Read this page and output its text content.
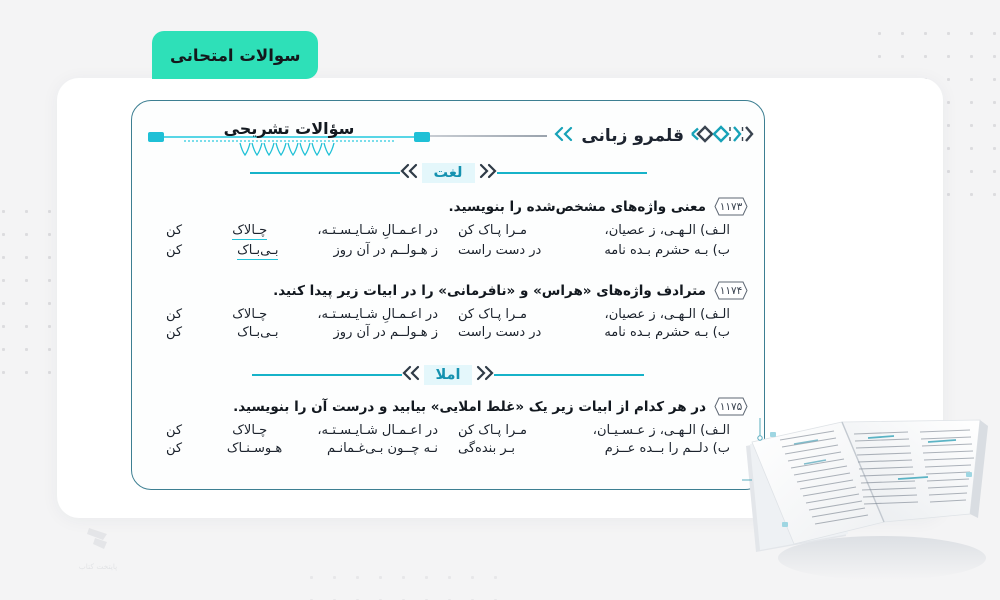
سوالات امتحانی
قلمرو زبانی
سؤالات تشریحی
لغت
۱۱۷۳
معنی واژه‌های مشخص‌شده را بنویسید.
الـف) الـهـی، ز عصیان،
مـرا پـاک کن
در اعـمـالِ شـایـسـتـه،
چـالاک
کن
ب) بـه حشرم بـده نامه
در دست راست
ز هـولــم در آن روز
بـی‌بـاک
کن
۱۱۷۴
مترادف واژه‌های «هراس» و «نافرمانی» را در ابیات زیر پیدا کنید.
الـف) الـهـی، ز عصیان،
مـرا پـاک کن
در اعـمـالِ شـایـسـتـه،
چـالاک
کن
ب) بـه حشرم بـده نامه
در دست راست
ز هـولــم در آن روز
بـی‌بـاک
کن
املا
۱۱۷۵
در هر کدام از ابیات زیر یک «غلط املایی» بیابید و درست آن را بنویسید.
الـف) الـهـی، ز عـسـیـان،
مـرا پـاک کن
در اعـمـال شـایـسـتـه،
چـالاک
کن
ب) دلــم را بــده عــزم
بـر بنده‌گی
نـه چــون بـی‌غـمانـم
هـوسـنـاک
کن
پایتخت کتاب
